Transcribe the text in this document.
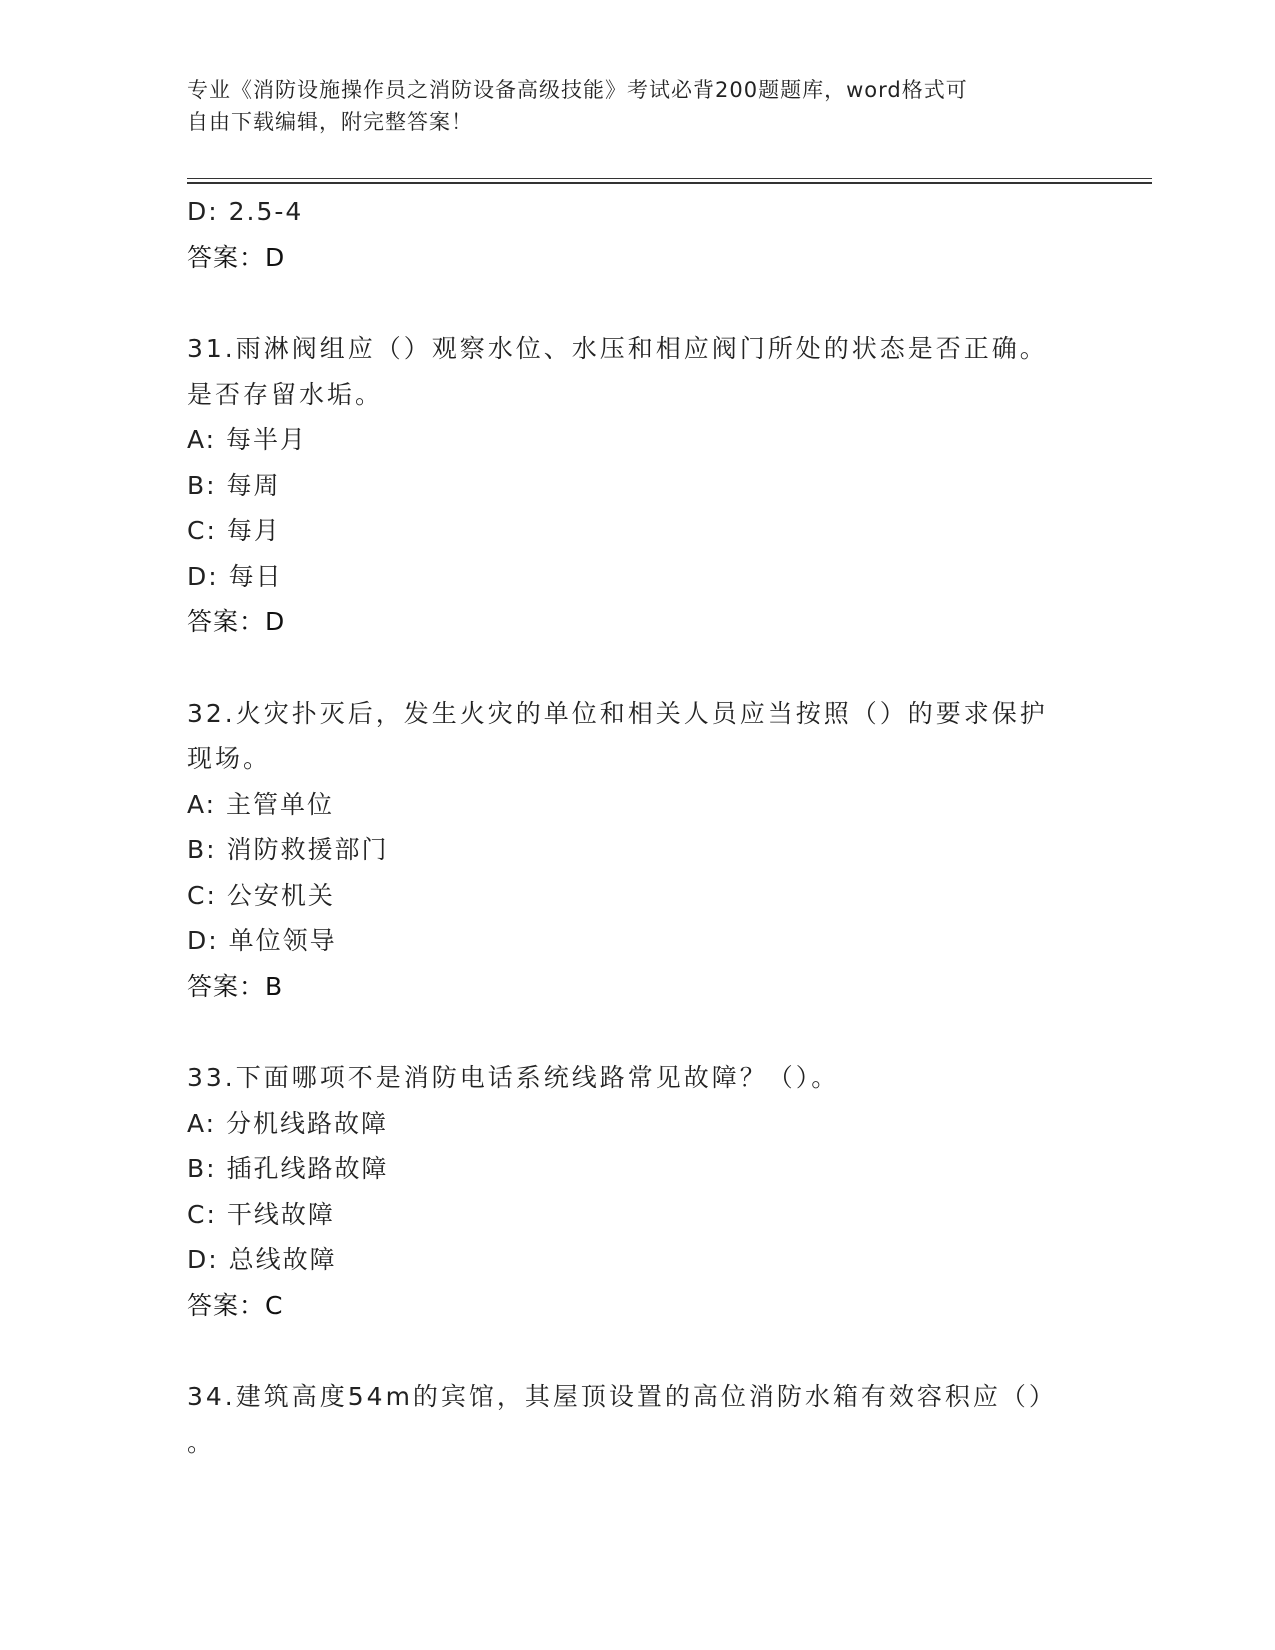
专业《消防设施操作员之消防设备高级技能》考试必背200题题库，word格式可
自由下载编辑，附完整答案！
D: 2.5-4
答案：D
31.雨淋阀组应（）观察水位、水压和相应阀门所处的状态是否正确。
是否存留水垢。
A: 每半月
B: 每周
C: 每月
D: 每日
答案：D
32.火灾扑灭后，发生火灾的单位和相关人员应当按照（）的要求保护
现场。
A: 主管单位
B: 消防救援部门
C: 公安机关
D: 单位领导
答案：B
33.下面哪项不是消防电话系统线路常见故障？（）。
A: 分机线路故障
B: 插孔线路故障
C: 干线故障
D: 总线故障
答案：C
34.建筑高度54m的宾馆，其屋顶设置的高位消防水箱有效容积应（）
。
